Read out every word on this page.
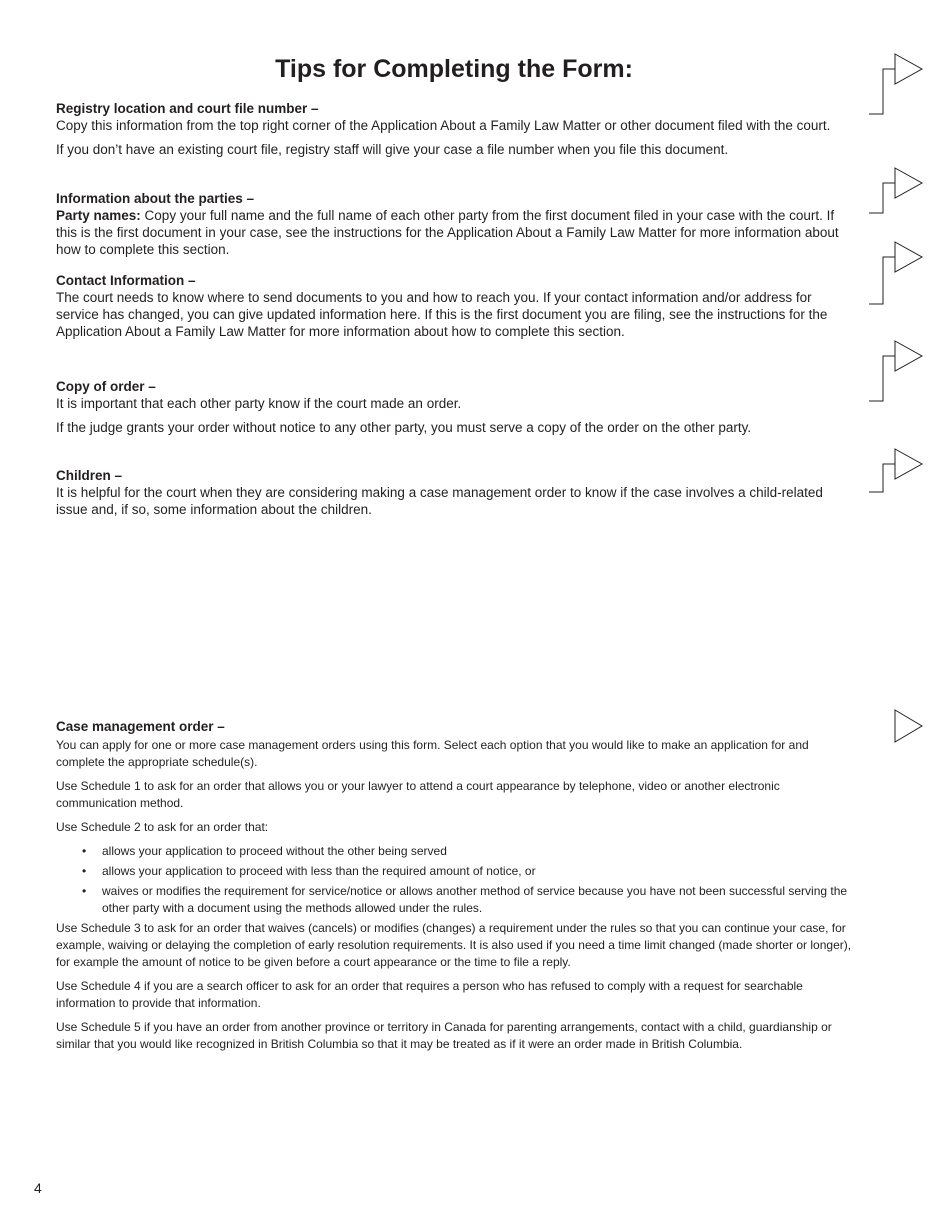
Tips for Completing the Form:

Registry location and court file number –

Copy this information from the top right corner of the Application About a Family Law Matter or other document filed with the court.

If you don’t have an existing court file, registry staff will give your case a file number when you file this document.

Information about the parties –

Party names: Copy your full name and the full name of each other party from the first document filed in your case with the court. If this is the first document in your case, see the instructions for the Application About a Family Law Matter for more information about how to complete this section.

Contact Information –

The court needs to know where to send documents to you and how to reach you. If your contact information and/or address for service has changed, you can give updated information here. If this is the first document you are filing, see the instructions for the Application About a Family Law Matter for more information about how to complete this section.

Copy of order –

It is important that each other party know if the court made an order.

If the judge grants your order without notice to any other party, you must serve a copy of the order on the other party.

Children –

It is helpful for the court when they are considering making a case management order to know if the case involves a child-related issue and, if so, some information about the children.

Case management order –

You can apply for one or more case management orders using this form. Select each option that you would like to make an application for and complete the appropriate schedule(s).

Use Schedule 1 to ask for an order that allows you or your lawyer to attend a court appearance by telephone, video or another electronic communication method.

Use Schedule 2 to ask for an order that:

• allows your application to proceed without the other being served
• allows your application to proceed with less than the required amount of notice, or
• waives or modifies the requirement for service/notice or allows another method of service because you have not been successful serving the other party with a document using the methods allowed under the rules.

Use Schedule 3 to ask for an order that waives (cancels) or modifies (changes) a requirement under the rules so that you can continue your case, for example, waiving or delaying the completion of early resolution requirements. It is also used if you need a time limit changed (made shorter or longer), for example the amount of notice to be given before a court appearance or the time to file a reply.

Use Schedule 4 if you are a search officer to ask for an order that requires a person who has refused to comply with a request for searchable information to provide that information.

Use Schedule 5 if you have an order from another province or territory in Canada for parenting arrangements, contact with a child, guardianship or similar that you would like recognized in British Columbia so that it may be treated as if it were an order made in British Columbia.

4
